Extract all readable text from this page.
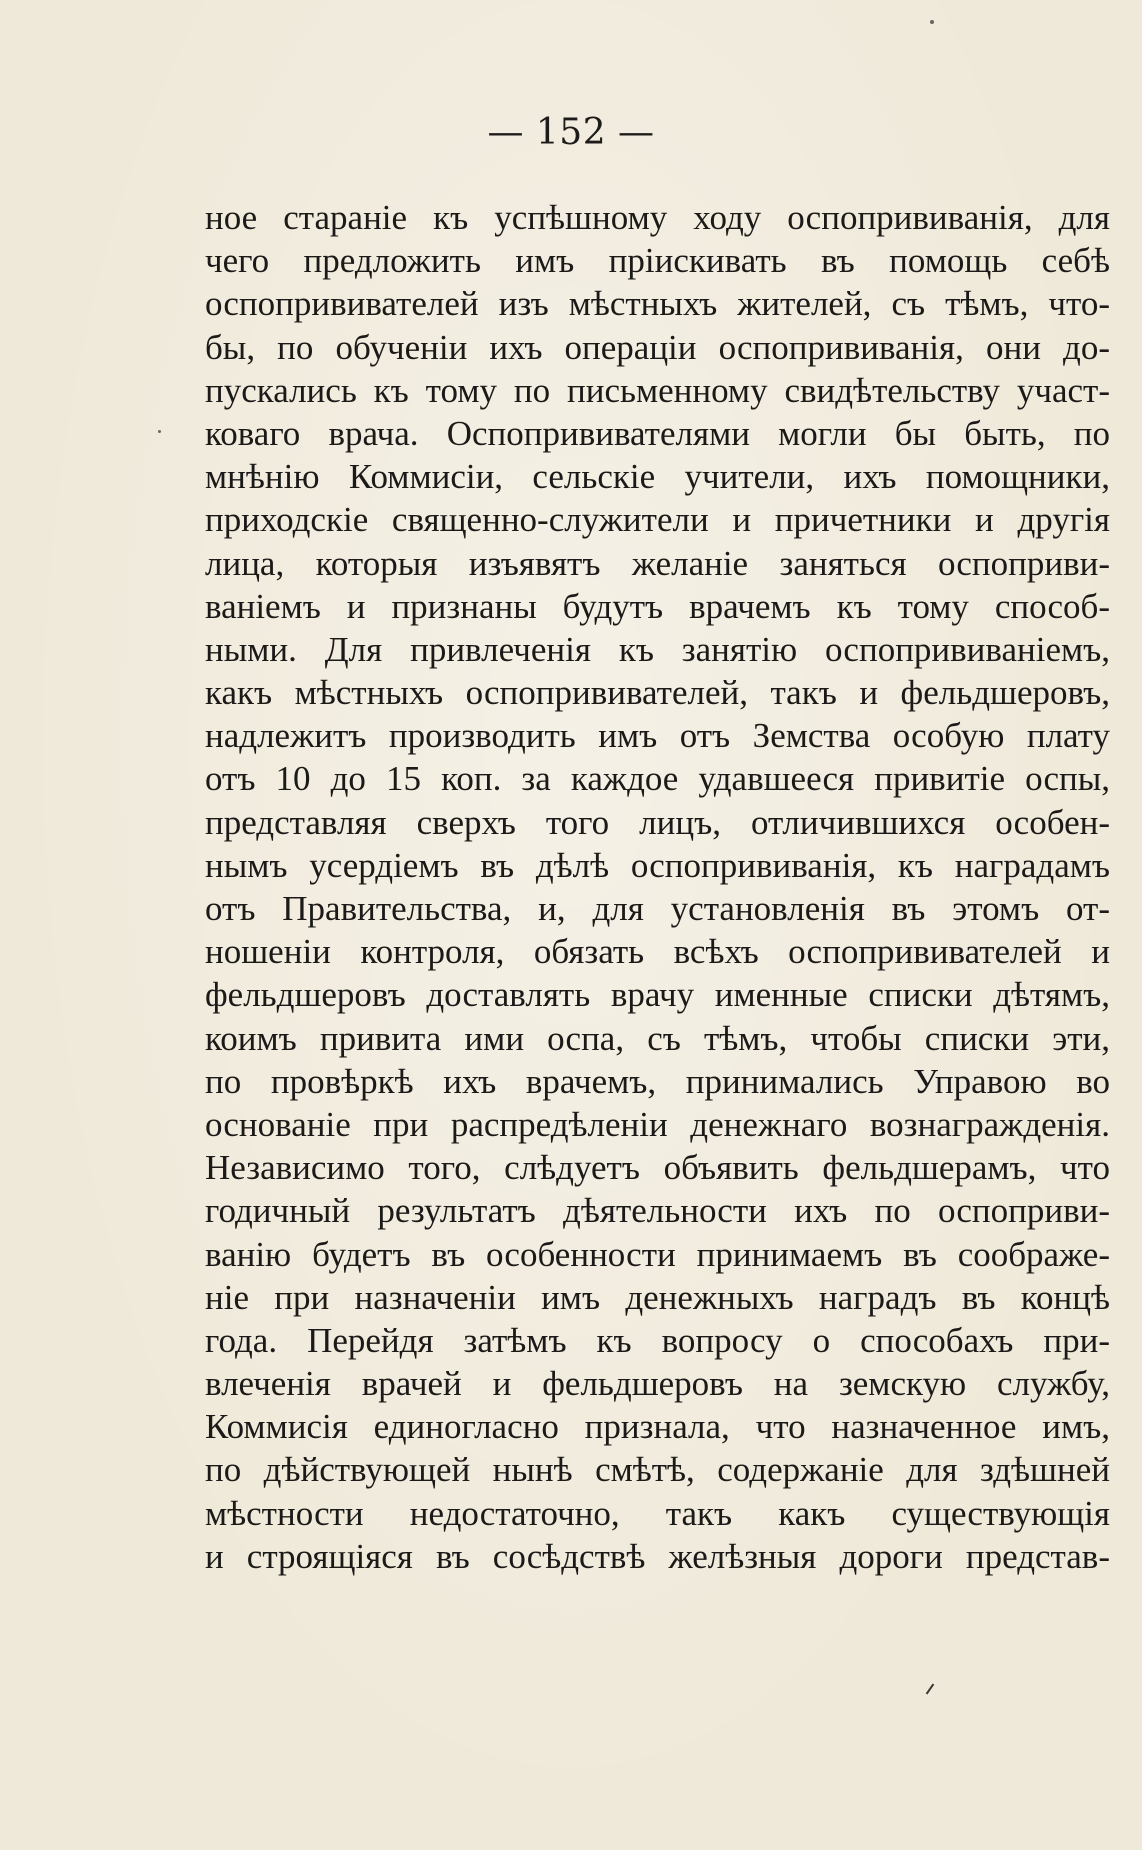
— 152 —
ное стараніе къ успѣшному ходу оспопрививанія, для
чего предложить имъ пріискивать въ помощь себѣ
оспопрививателей изъ мѣстныхъ жителей, съ тѣмъ, что-
бы, по обученіи ихъ операціи оспопрививанія, они до-
пускались къ тому по письменному свидѣтельству участ-
коваго врача. Оспопрививателями могли бы быть, по
мнѣнію Коммисіи, сельскіе учители, ихъ помощники,
приходскіе священно-служители и причетники и другія
лица, которыя изъявятъ желаніе заняться оспоприви-
ваніемъ и признаны будутъ врачемъ къ тому способ-
ными. Для привлеченія къ занятію оспопрививаніемъ,
какъ мѣстныхъ оспопрививателей, такъ и фельдшеровъ,
надлежитъ производить имъ отъ Земства особую плату
отъ 10 до 15 коп. за каждое удавшееся привитіе оспы,
представляя сверхъ того лицъ, отличившихся особен-
нымъ усердіемъ въ дѣлѣ оспопрививанія, къ наградамъ
отъ Правительства, и, для установленія въ этомъ от-
ношеніи контроля, обязать всѣхъ оспопрививателей и
фельдшеровъ доставлять врачу именные списки дѣтямъ,
коимъ привита ими оспа, съ тѣмъ, чтобы списки эти,
по провѣркѣ ихъ врачемъ, принимались Управою во
основаніе при распредѣленіи денежнаго вознагражденія.
Независимо того, слѣдуетъ объявить фельдшерамъ, что
годичный результатъ дѣятельности ихъ по оспоприви-
ванію будетъ въ особенности принимаемъ въ соображе-
ніе при назначеніи имъ денежныхъ наградъ въ концѣ
года. Перейдя затѣмъ къ вопросу о способахъ при-
влеченія врачей и фельдшеровъ на земскую службу,
Коммисія единогласно признала, что назначенное имъ,
по дѣйствующей нынѣ смѣтѣ, содержаніе для здѣшней
мѣстности недостаточно, такъ какъ существующія
и строящіяся въ сосѣдствѣ желѣзныя дороги представ-
